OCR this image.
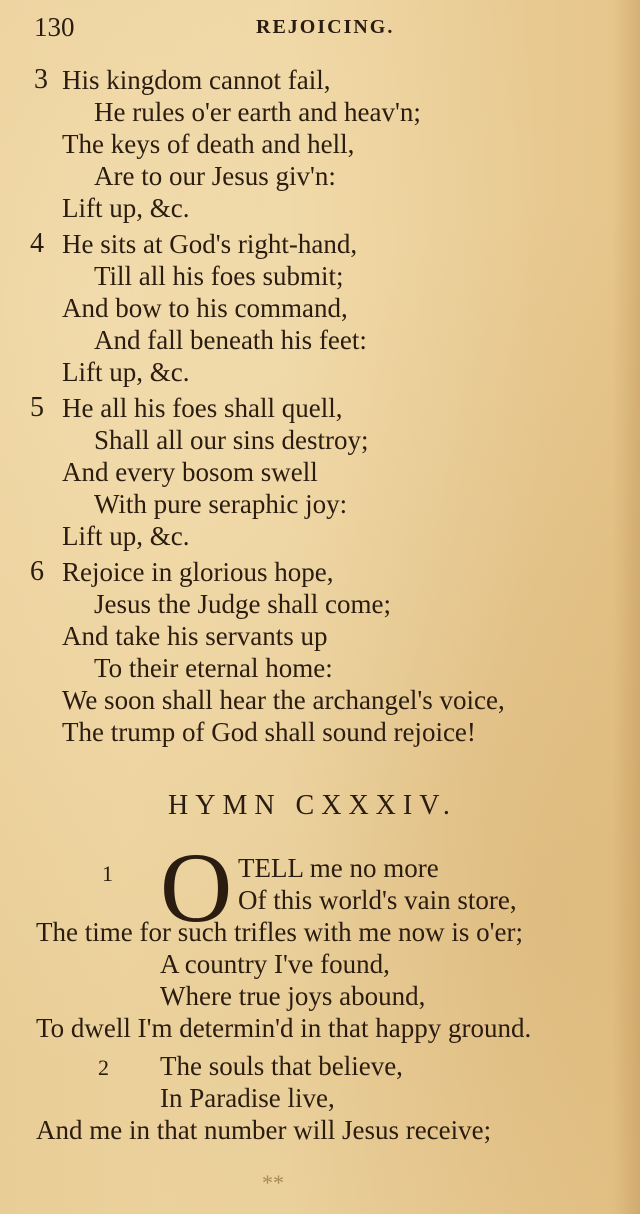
130	REJOICING.
3 His kingdom cannot fail,
He rules o'er earth and heav'n;
The keys of death and hell,
Are to our Jesus giv'n:
Lift up, &c.
4 He sits at God's right-hand,
Till all his foes submit;
And bow to his command,
And fall beneath his feet:
Lift up, &c.
5 He all his foes shall quell,
Shall all our sins destroy;
And every bosom swell
With pure seraphic joy:
Lift up, &c.
6 Rejoice in glorious hope,
Jesus the Judge shall come;
And take his servants up
To their eternal home:
We soon shall hear the archangel's voice,
The trump of God shall sound rejoice!
HYMN CXXXIV.
1 O TELL me no more
Of this world's vain store,
The time for such trifles with me now is o'er;
A country I've found,
Where true joys abound,
To dwell I'm determin'd in that happy ground.
2 The souls that believe,
In Paradise live,
And me in that number will Jesus receive;
**
